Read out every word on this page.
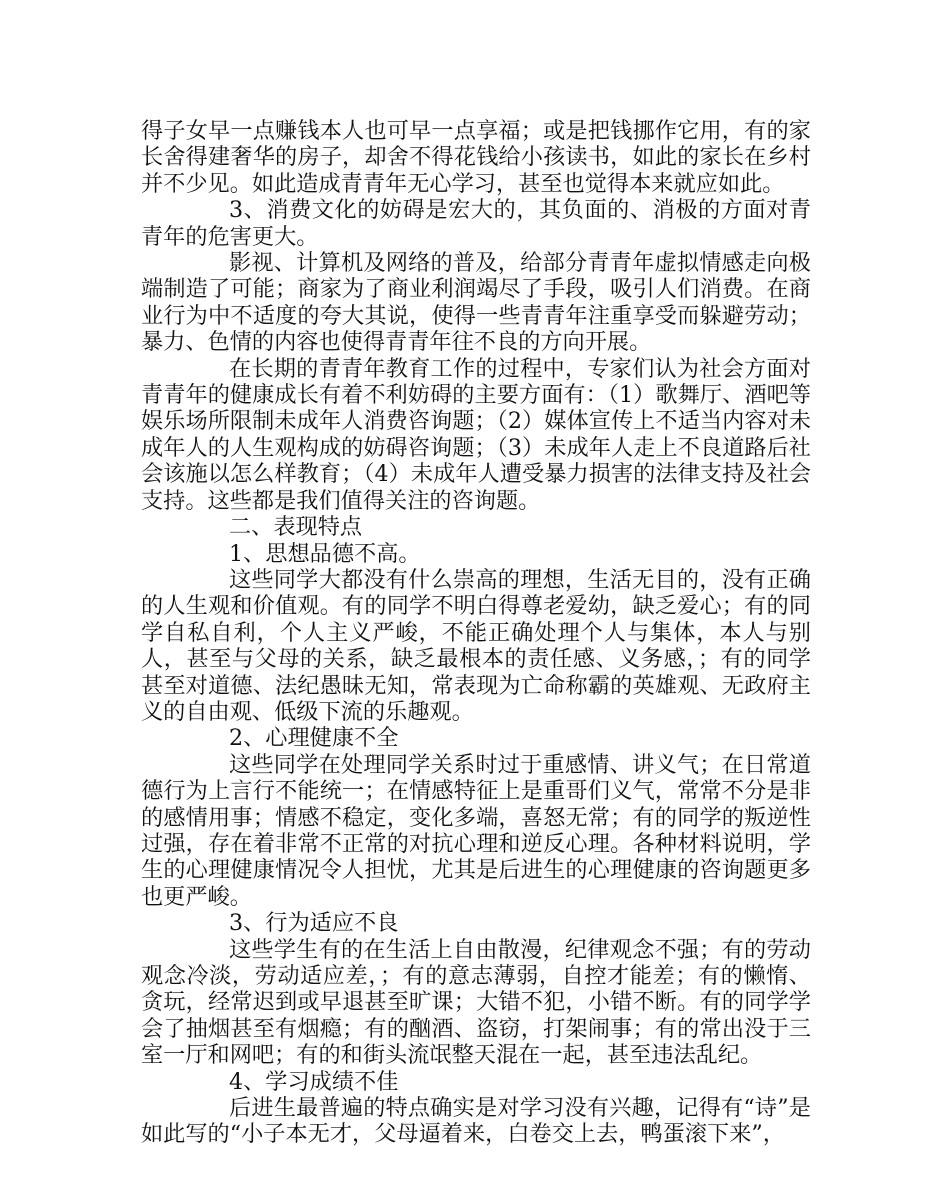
得子女早一点赚钱本人也可早一点享福；或是把钱挪作它用，有的家长舍得建奢华的房子，却舍不得花钱给小孩读书，如此的家长在乡村并不少见。如此造成青青年无心学习，甚至也觉得本来就应如此。

3、消费文化的妨碍是宏大的，其负面的、消极的方面对青青年的危害更大。

影视、计算机及网络的普及，给部分青青年虚拟情感走向极端制造了可能；商家为了商业利润竭尽了手段，吸引人们消费。在商业行为中不适度的夸大其说，使得一些青青年注重享受而躲避劳动；暴力、色情的内容也使得青青年往不良的方向开展。

在长期的青青年教育工作的过程中，专家们认为社会方面对青青年的健康成长有着不利妨碍的主要方面有：（1）歌舞厅、酒吧等娱乐场所限制未成年人消费咨询题；（2）媒体宣传上不适当内容对未成年人的人生观构成的妨碍咨询题；（3）未成年人走上不良道路后社会该施以怎么样教育；（4）未成年人遭受暴力损害的法律支持及社会支持。这些都是我们值得关注的咨询题。

二、表现特点

1、思想品德不高。

这些同学大都没有什么崇高的理想，生活无目的，没有正确的人生观和价值观。有的同学不明白得尊老爱幼，缺乏爱心；有的同学自私自利，个人主义严峻，不能正确处理个人与集体，本人与别人，甚至与父母的关系，缺乏最根本的责任感、义务感，；有的同学甚至对道德、法纪愚昧无知，常表现为亡命称霸的英雄观、无政府主义的自由观、低级下流的乐趣观。

2、心理健康不全

这些同学在处理同学关系时过于重感情、讲义气；在日常道德行为上言行不能统一；在情感特征上是重哥们义气，常常不分是非的感情用事；情感不稳定，变化多端，喜怒无常；有的同学的叛逆性过强，存在着非常不正常的对抗心理和逆反心理。各种材料说明，学生的心理健康情况令人担忧，尤其是后进生的心理健康的咨询题更多也更严峻。

3、行为适应不良

这些学生有的在生活上自由散漫，纪律观念不强；有的劳动观念冷淡，劳动适应差，；有的意志薄弱，自控才能差；有的懒惰、贪玩，经常迟到或早退甚至旷课；大错不犯，小错不断。有的同学学会了抽烟甚至有烟瘾；有的酗酒、盗窃，打架闹事；有的常出没于三室一厅和网吧；有的和街头流氓整天混在一起，甚至违法乱纪。

4、学习成绩不佳

后进生最普遍的特点确实是对学习没有兴趣，记得有“诗”是如此写的“小子本无才，父母逼着来，白卷交上去，鸭蛋滚下来”，
